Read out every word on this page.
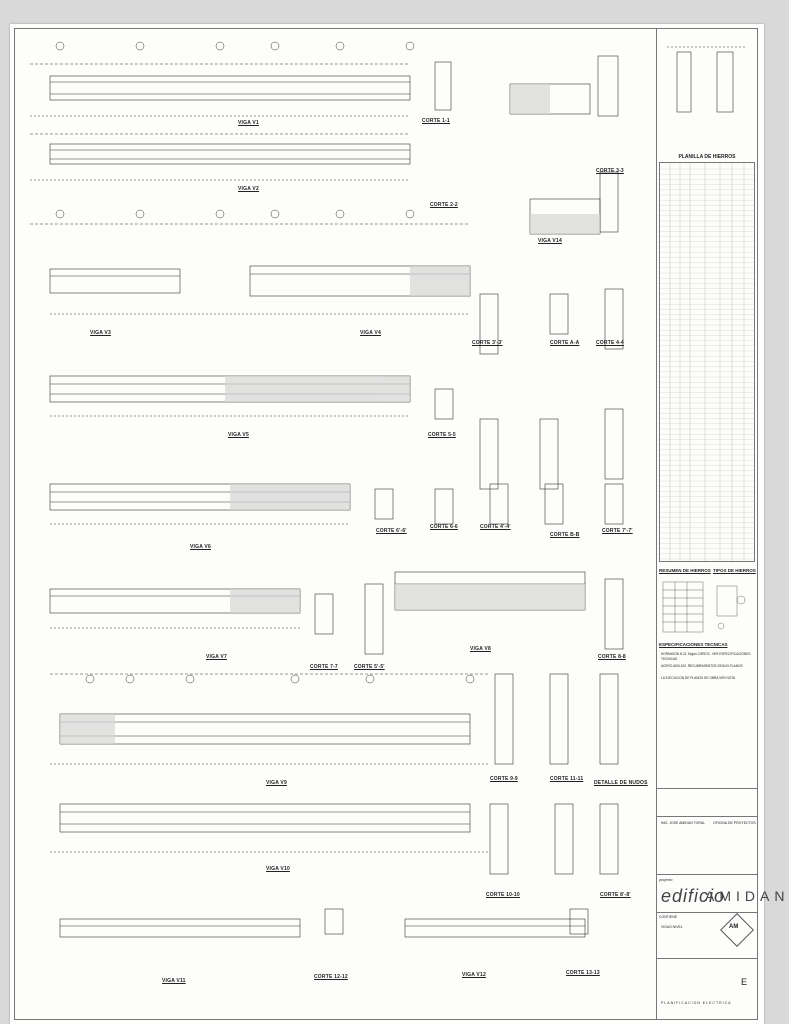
VIGA V1
VIGA V2
VIGA V3	VIGA V4
VIGA V5
VIGA V6
VIGA V7
VIGA V8
VIGA V9
VIGA V10
VIGA V11
VIGA V12
VIGA V14
CORTE 1-1
CORTE 2-2
CORTE 3-3
CORTE 4-4
CORTE 5-5
CORTE 6-6
CORTE 7-7
CORTE 8-8
CORTE 9-9
CORTE 10-10
CORTE 11-11
CORTE 12-12
CORTE 13-13
CORTE A-A
CORTE B-B
CORTE 3'-3'
CORTE 4'-4'
CORTE 5'-5'
CORTE 6'-6'	CORTE 7'-7'
CORTE 8'-8'
DETALLE DE NUDOS
PLANILLA DE HIERROS
RESUMEN DE HIERROS TIPOS DE HIERROS
ESPECIFICACIONES TECNICAS
HORMIGON H-21 Según CIRSOC. VER ESPECIFICACIONES TECNICAS
ACERO ADN 420. RECUBRIMIENTOS SEGUN PLANOS
LA EJECUCION DE PLANOS DE OBRA VER NOTA
ING. JOSE AMIDAN TORAL OFICINA DE PROYECTOS
proyecto
edificio
AMIDAN
CONTIENE
VIGAS NIVEL	AM
E
PLANIFICACION ELECTRICA
